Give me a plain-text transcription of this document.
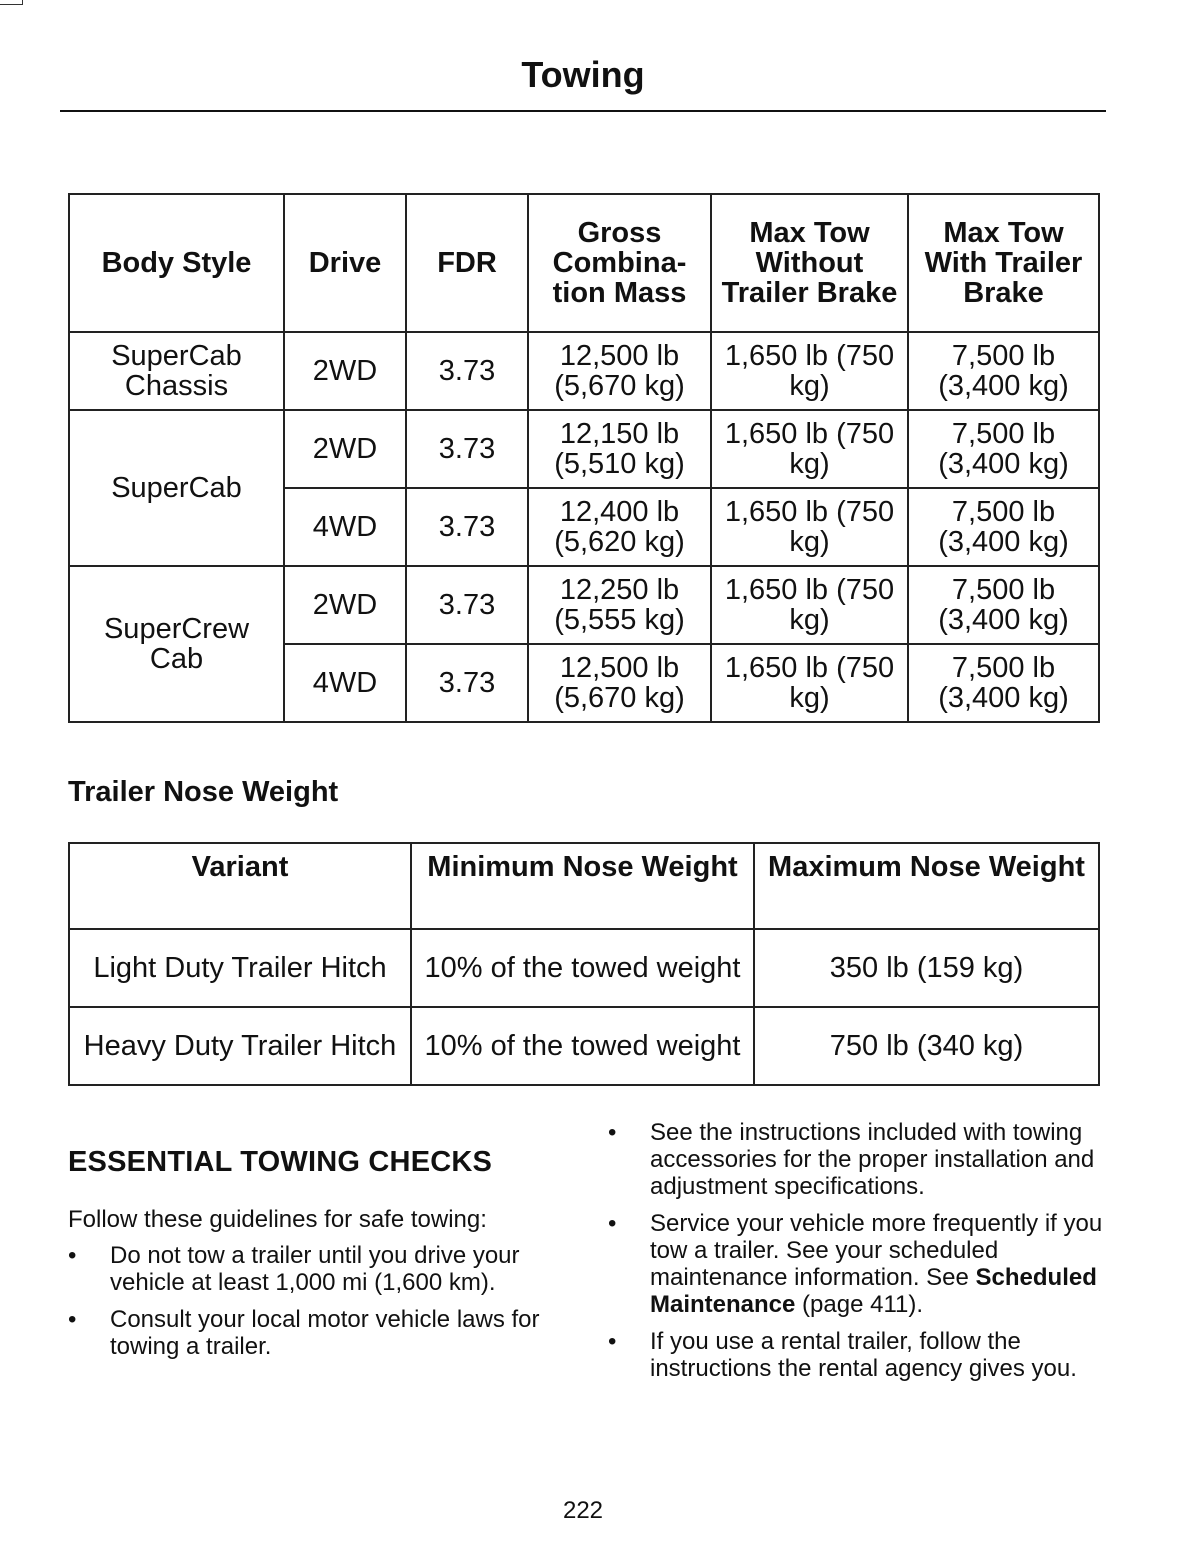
Towing
Body Style	Drive	FDR	Gross Combina-tion Mass	Max Tow Without Trailer Brake	Max Tow With Trailer Brake
SuperCab Chassis	2WD	3.73	12,500 lb (5,670 kg)	1,650 lb (750 kg)	7,500 lb (3,400 kg)
SuperCab	2WD	3.73	12,150 lb (5,510 kg)	1,650 lb (750 kg)	7,500 lb (3,400 kg)
	4WD	3.73	12,400 lb (5,620 kg)	1,650 lb (750 kg)	7,500 lb (3,400 kg)
SuperCrew Cab	2WD	3.73	12,250 lb (5,555 kg)	1,650 lb (750 kg)	7,500 lb (3,400 kg)
	4WD	3.73	12,500 lb (5,670 kg)	1,650 lb (750 kg)	7,500 lb (3,400 kg)
Trailer Nose Weight
Variant	Minimum Nose Weight	Maximum Nose Weight
Light Duty Trailer Hitch	10% of the towed weight	350 lb (159 kg)
Heavy Duty Trailer Hitch	10% of the towed weight	750 lb (340 kg)
ESSENTIAL TOWING CHECKS

Follow these guidelines for safe towing:

• Do not tow a trailer until you drive your vehicle at least 1,000 mi (1,600 km).
• Consult your local motor vehicle laws for towing a trailer.
• See the instructions included with towing accessories for the proper installation and adjustment specifications.
• Service your vehicle more frequently if you tow a trailer. See your scheduled maintenance information. See Scheduled Maintenance (page 411).
• If you use a rental trailer, follow the instructions the rental agency gives you.
222
